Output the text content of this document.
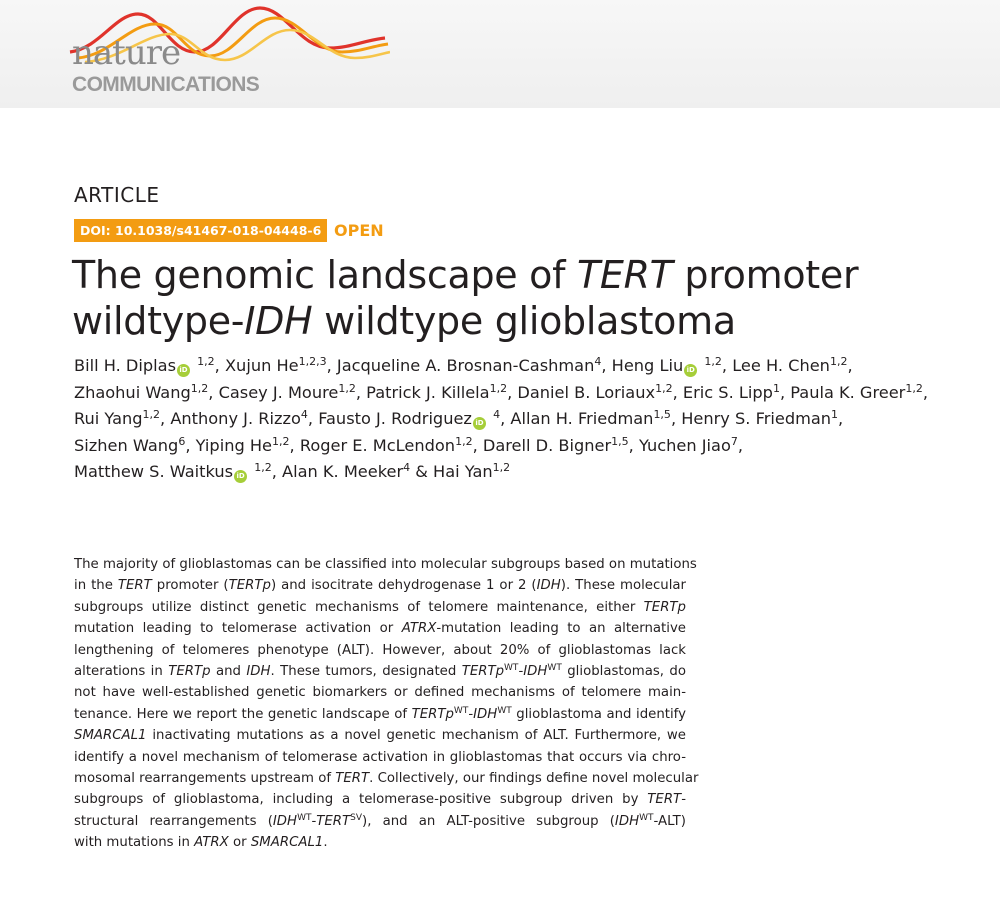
nature
COMMUNICATIONS
ARTICLE
DOI: 10.1038/s41467-018-04448-6 OPEN
The genomic landscape of TERT promoter
wildtype-IDH wildtype glioblastoma
Bill H. Diplas iD $^{1,2}$, Xujun He$^{1,2,3}$, Jacqueline A. Brosnan-Cashman$^4$, Heng Liu iD $^{1,2}$, Lee H. Chen$^{1,2}$,
Zhaohui Wang$^{1,2}$, Casey J. Moure$^{1,2}$, Patrick J. Killela$^{1,2}$, Daniel B. Loriaux$^{1,2}$, Eric S. Lipp$^1$, Paula K. Greer$^{1,2}$,
Rui Yang$^{1,2}$, Anthony J. Rizzo$^4$, Fausto J. Rodriguez iD $^4$, Allan H. Friedman$^{1,5}$, Henry S. Friedman$^1$,
Sizhen Wang$^6$, Yiping He$^{1,2}$, Roger E. McLendon$^{1,2}$, Darell D. Bigner$^{1,5}$, Yuchen Jiao$^7$,
Matthew S. Waitkus iD $^{1,2}$, Alan K. Meeker$^4$ & Hai Yan$^{1,2}$
The majority of glioblastomas can be classified into molecular subgroups based on mutations
in the TERT promoter (TERTp) and isocitrate dehydrogenase 1 or 2 (IDH). These molecular
subgroups utilize distinct genetic mechanisms of telomere maintenance, either TERTp
mutation leading to telomerase activation or ATRX-mutation leading to an alternative
lengthening of telomeres phenotype (ALT). However, about 20% of glioblastomas lack
alterations in TERTp and IDH. These tumors, designated $TERTp^{WT}-IDH^{WT}$ glioblastomas, do
not have well-established genetic biomarkers or defined mechanisms of telomere main-
tenance. Here we report the genetic landscape of $TERTp^{WT}-IDH^{WT}$ glioblastoma and identify
SMARCAL1 inactivating mutations as a novel genetic mechanism of ALT. Furthermore, we
identify a novel mechanism of telomerase activation in glioblastomas that occurs via chro-
mosomal rearrangements upstream of TERT. Collectively, our findings define novel molecular
subgroups of glioblastoma, including a telomerase-positive subgroup driven by TERT-
structural rearrangements $(IDH^{WT}-TERT^{SV})$, and an ALT-positive subgroup $(IDH^{WT}-ALT)$
with mutations in ATRX or SMARCAL1.
